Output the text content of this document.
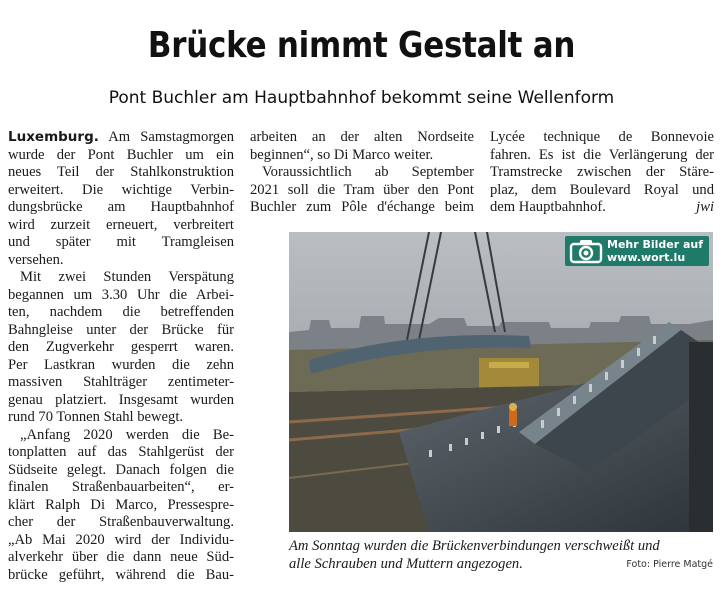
Brücke nimmt Gestalt an
Pont Buchler am Hauptbahnhof bekommt seine Wellenform
Luxemburg. Am Samstagmorgen
wurde der Pont Buchler um ein
neues Teil der Stahlkonstruktion
erweitert. Die wichtige Verbin-
dungsbrücke am Hauptbahnhof
wird zurzeit erneuert, verbreitert
und später mit Tramgleisen
versehen.
Mit zwei Stunden Verspätung
begannen um 3.30 Uhr die Arbei-
ten, nachdem die betreffenden
Bahngleise unter der Brücke für
den Zugverkehr gesperrt waren.
Per Lastkran wurden die zehn
massiven Stahlträger zentimeter-
genau platziert. Insgesamt wurden
rund 70 Tonnen Stahl bewegt.
„Anfang 2020 werden die Be-
tonplatten auf das Stahlgerüst der
Südseite gelegt. Danach folgen die
finalen Straßenbauarbeiten“, er-
klärt Ralph Di Marco, Pressespre-
cher der Straßenbauverwaltung.
„Ab Mai 2020 wird der Individu-
alverkehr über die dann neue Süd-
brücke geführt, während die Bau-
arbeiten an der alten Nordseite
beginnen“, so Di Marco weiter.
Voraussichtlich ab September
2021 soll die Tram über den Pont
Buchler zum Pôle d'échange beim
Lycée technique de Bonnevoie
fahren. Es ist die Verlängerung der
Tramstrecke zwischen der Stäre-
plaz, dem Boulevard Royal und
dem Hauptbahnhof.	jwi
Mehr Bilder auf
www.wort.lu
Am Sonntag wurden die Brückenverbindungen verschweißt und
alle Schrauben und Muttern angezogen.	Foto: Pierre Matgé
